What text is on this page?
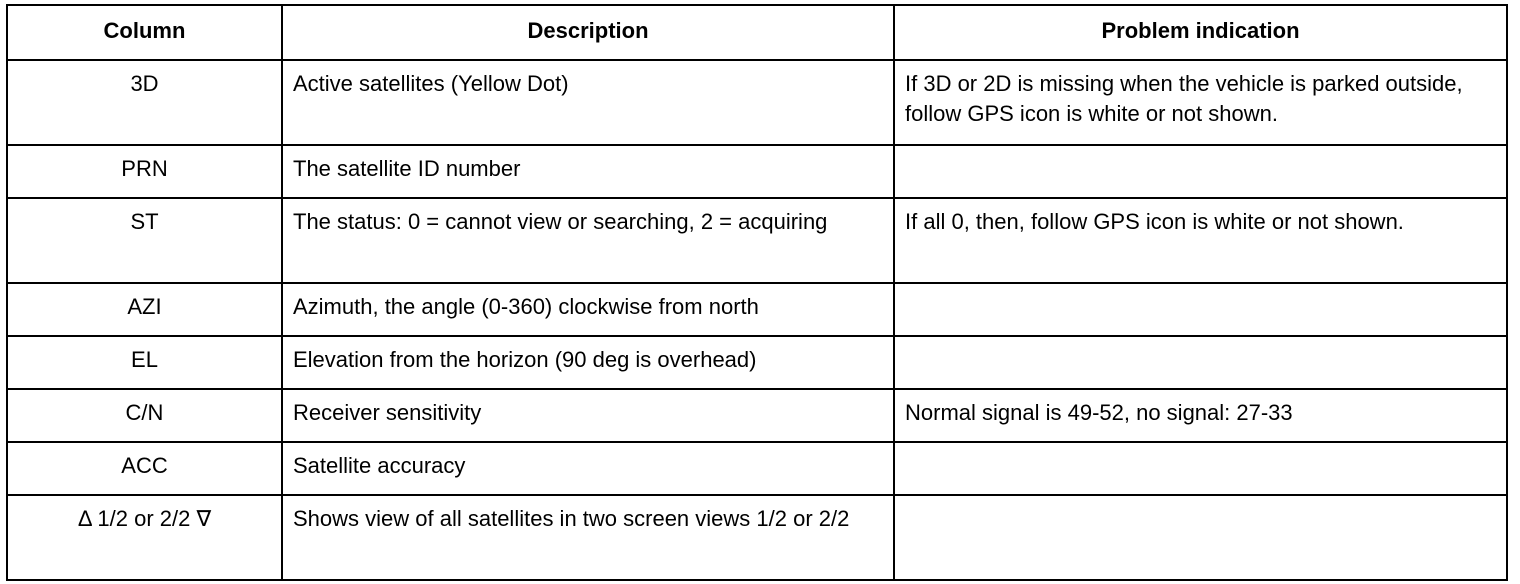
Column	Description	Problem indication
3D	Active satellites (Yellow Dot)	If 3D or 2D is missing when the vehicle is parked outside, follow GPS icon is white or not shown.
PRN	The satellite ID number	
ST	The status: 0 = cannot view or searching, 2 = acquiring	If all 0, then, follow GPS icon is white or not shown.
AZI	Azimuth, the angle (0-360) clockwise from north	
EL	Elevation from the horizon (90 deg is overhead)	
C/N	Receiver sensitivity	Normal signal is 49-52, no signal: 27-33
ACC	Satellite accuracy	
Δ 1/2 or 2/2 ∇	Shows view of all satellites in two screen views 1/2 or 2/2	
